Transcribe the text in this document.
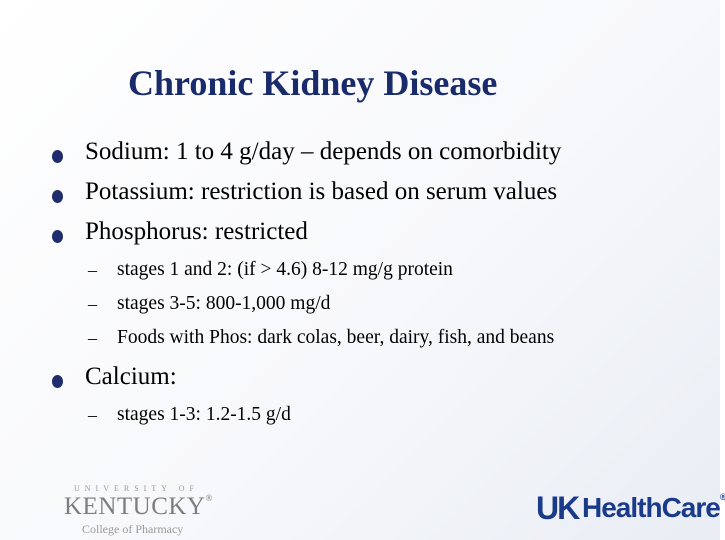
Chronic Kidney Disease
Sodium: 1 to 4 g/day – depends on comorbidity
Potassium: restriction is based on serum values
Phosphorus: restricted
– stages 1 and 2: (if > 4.6) 8-12 mg/g protein
– stages 3-5: 800-1,000 mg/d
– Foods with Phos: dark colas, beer, dairy, fish, and beans
Calcium:
– stages 1-3: 1.2-1.5 g/d
UNIVERSITY OF
KENTUCKY®
College of Pharmacy
UK HealthCare®
